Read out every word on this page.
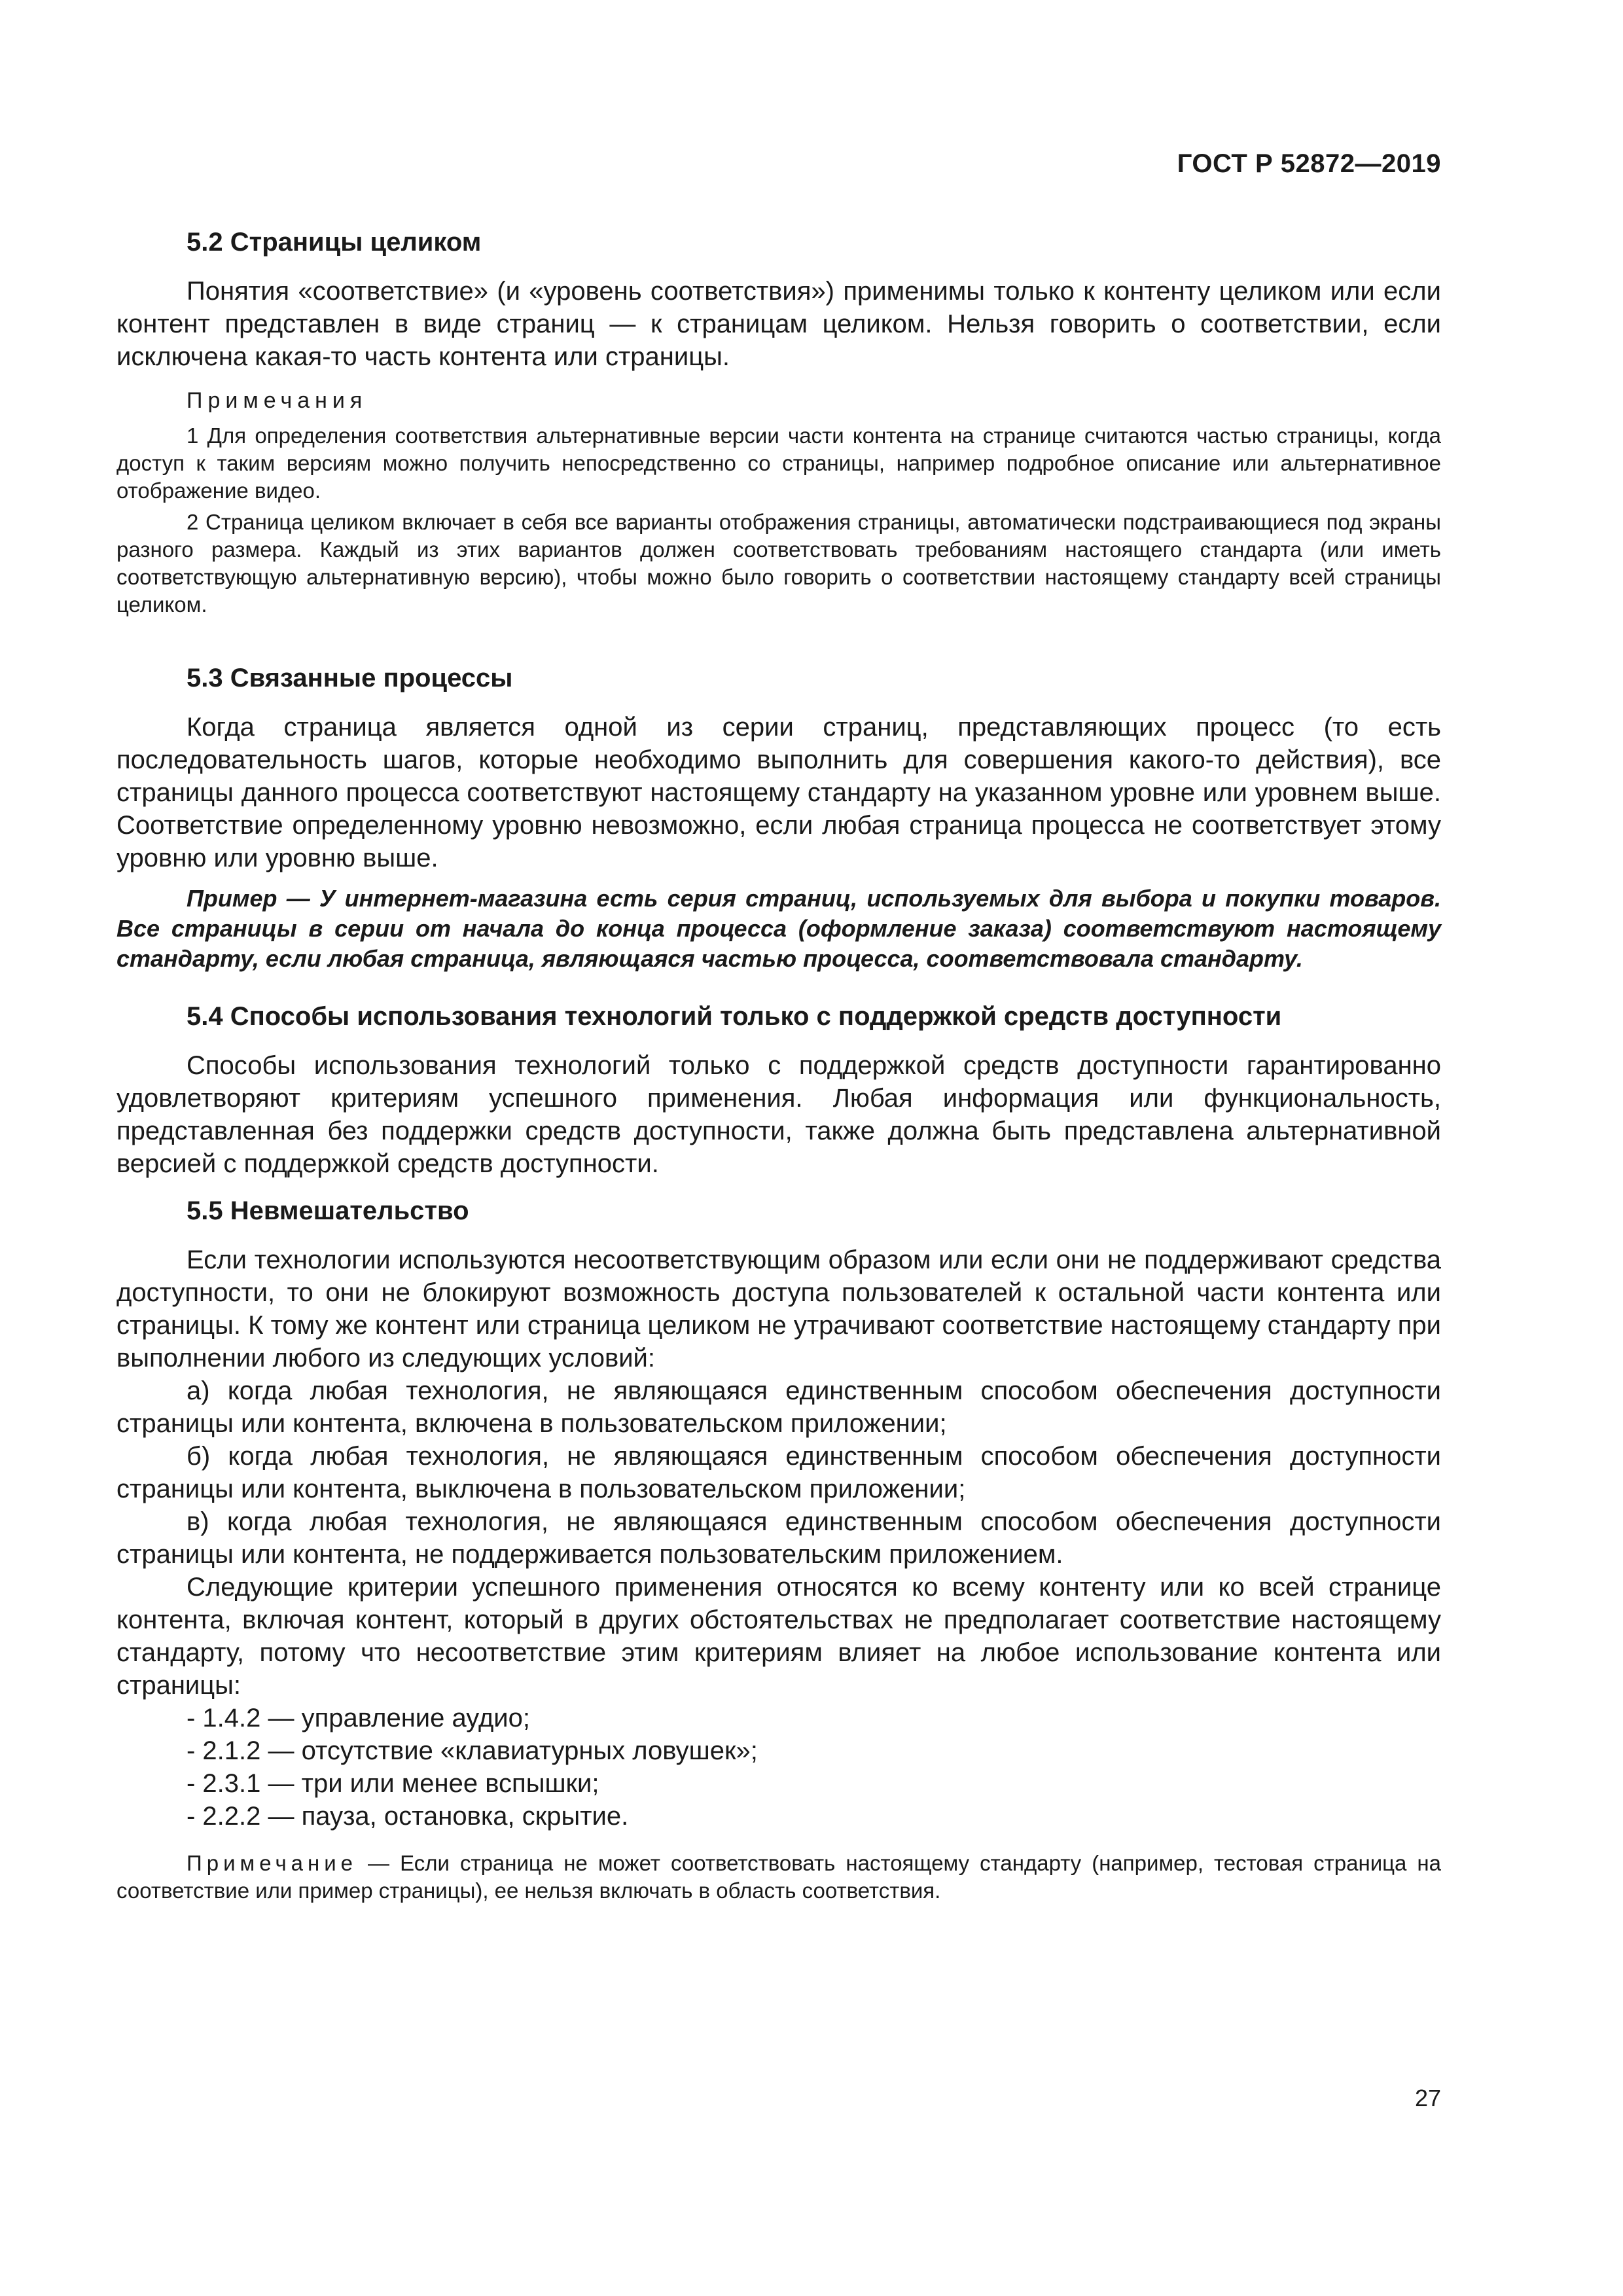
ГОСТ Р 52872—2019
5.2 Страницы целиком

Понятия «соответствие» (и «уровень соответствия») применимы только к контенту целиком или если контент представлен в виде страниц — к страницам целиком. Нельзя говорить о соответствии, если исключена какая-то часть контента или страницы.

Примечания

1 Для определения соответствия альтернативные версии части контента на странице считаются частью страницы, когда доступ к таким версиям можно получить непосредственно со страницы, например подробное описание или альтернативное отображение видео.

2 Страница целиком включает в себя все варианты отображения страницы, автоматически подстраивающиеся под экраны разного размера. Каждый из этих вариантов должен соответствовать требованиям настоящего стандарта (или иметь соответствующую альтернативную версию), чтобы можно было говорить о соответствии настоящему стандарту всей страницы целиком.

5.3 Связанные процессы

Когда страница является одной из серии страниц, представляющих процесс (то есть последовательность шагов, которые необходимо выполнить для совершения какого-то действия), все страницы данного процесса соответствуют настоящему стандарту на указанном уровне или уровнем выше. Соответствие определенному уровню невозможно, если любая страница процесса не соответствует этому уровню или уровню выше.

Пример — У интернет-магазина есть серия страниц, используемых для выбора и покупки товаров. Все страницы в серии от начала до конца процесса (оформление заказа) соответствуют настоящему стандарту, если любая страница, являющаяся частью процесса, соответствовала стандарту.

5.4 Способы использования технологий только с поддержкой средств доступности

Способы использования технологий только с поддержкой средств доступности гарантированно удовлетворяют критериям успешного применения. Любая информация или функциональность, представленная без поддержки средств доступности, также должна быть представлена альтернативной версией с поддержкой средств доступности.

5.5 Невмешательство

Если технологии используются несоответствующим образом или если они не поддерживают средства доступности, то они не блокируют возможность доступа пользователей к остальной части контента или страницы. К тому же контент или страница целиком не утрачивают соответствие настоящему стандарту при выполнении любого из следующих условий:

а) когда любая технология, не являющаяся единственным способом обеспечения доступности страницы или контента, включена в пользовательском приложении;

б) когда любая технология, не являющаяся единственным способом обеспечения доступности страницы или контента, выключена в пользовательском приложении;

в) когда любая технология, не являющаяся единственным способом обеспечения доступности страницы или контента, не поддерживается пользовательским приложением.

Следующие критерии успешного применения относятся ко всему контенту или ко всей странице контента, включая контент, который в других обстоятельствах не предполагает соответствие настоящему стандарту, потому что несоответствие этим критериям влияет на любое использование контента или страницы:

- 1.4.2 — управление аудио;
- 2.1.2 — отсутствие «клавиатурных ловушек»;
- 2.3.1 — три или менее вспышки;
- 2.2.2 — пауза, остановка, скрытие.

Примечание — Если страница не может соответствовать настоящему стандарту (например, тестовая страница на соответствие или пример страницы), ее нельзя включать в область соответствия.

27
